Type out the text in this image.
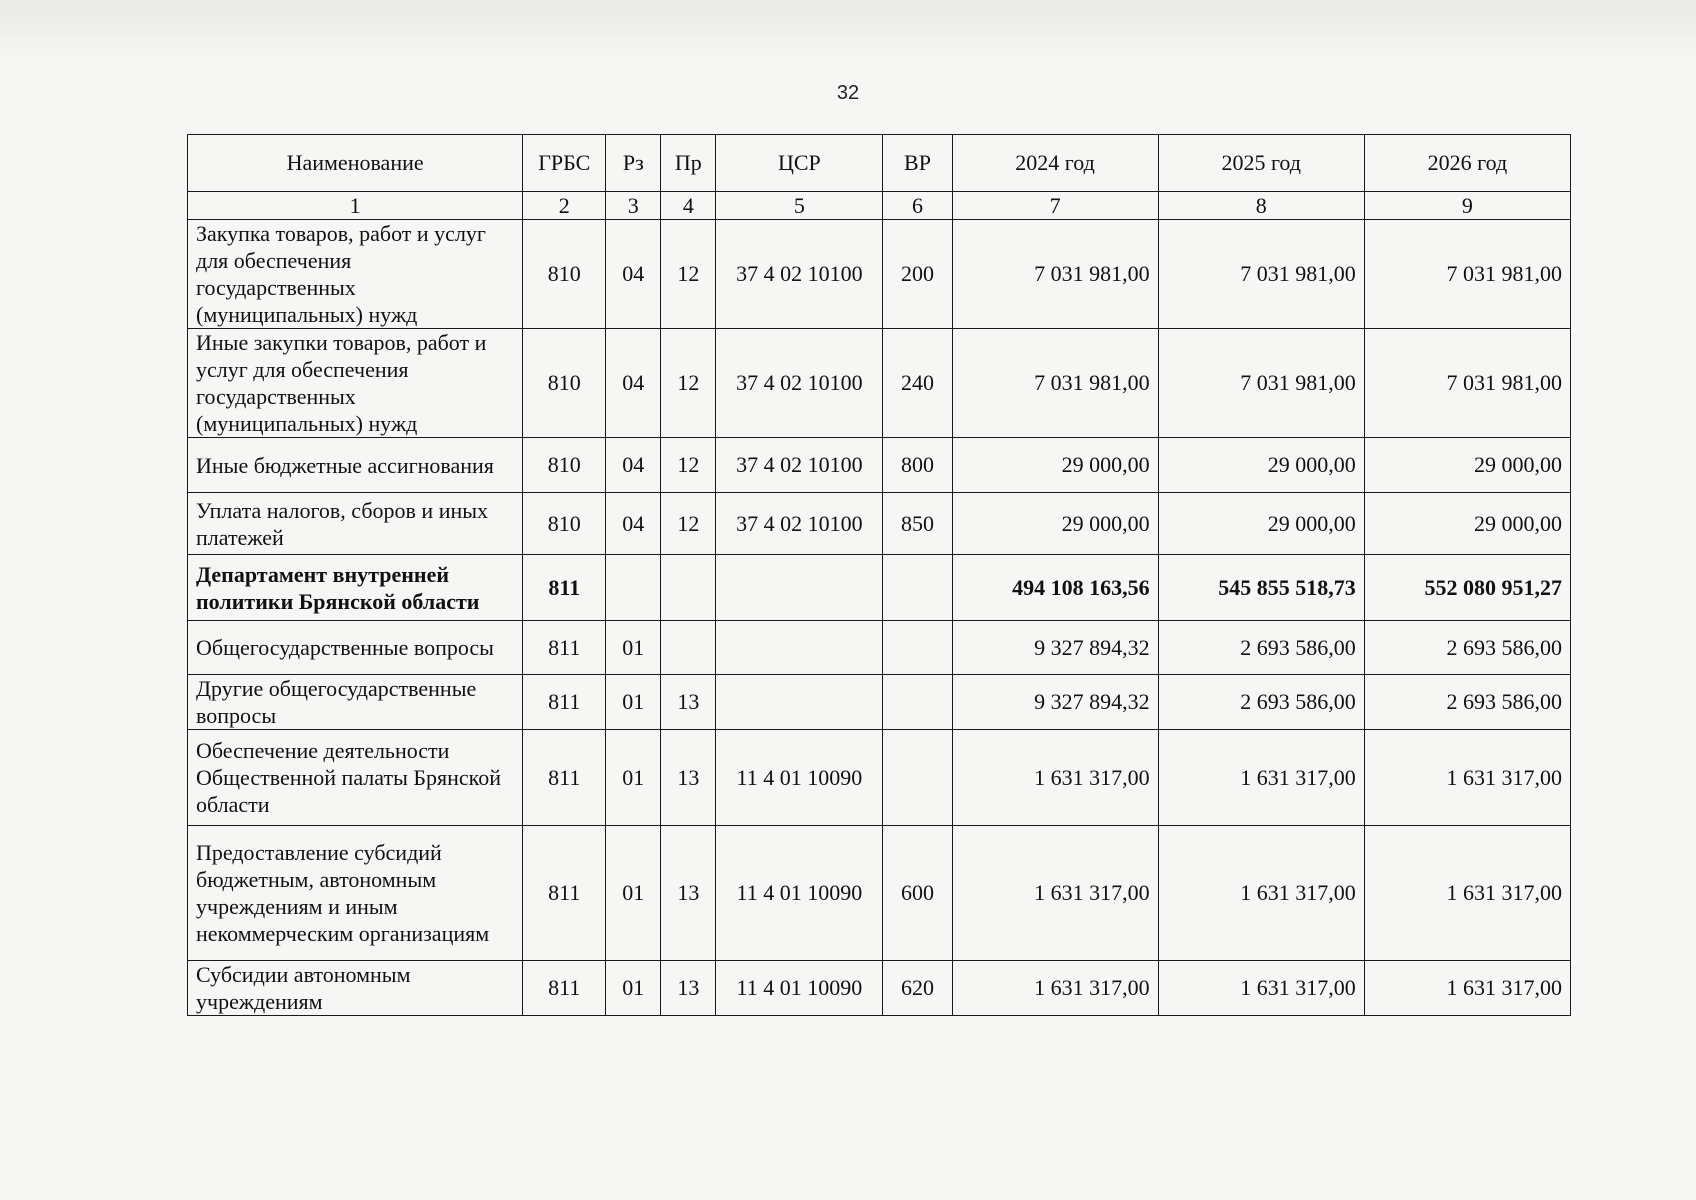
32
Наименование	ГРБС	Рз	Пр	ЦСР	ВР	2024 год	2025 год	2026 год
1	2	3	4	5	6	7	8	9
Закупка товаров, работ и услуг для обеспечения государственных (муниципальных) нужд	810	04	12	37 4 02 10100	200	7 031 981,00	7 031 981,00	7 031 981,00
Иные закупки товаров, работ и услуг для обеспечения государственных (муниципальных) нужд	810	04	12	37 4 02 10100	240	7 031 981,00	7 031 981,00	7 031 981,00
Иные бюджетные ассигнования	810	04	12	37 4 02 10100	800	29 000,00	29 000,00	29 000,00
Уплата налогов, сборов и иных платежей	810	04	12	37 4 02 10100	850	29 000,00	29 000,00	29 000,00
Департамент внутренней политики Брянской области	811					494 108 163,56	545 855 518,73	552 080 951,27
Общегосударственные вопросы	811	01				9 327 894,32	2 693 586,00	2 693 586,00
Другие общегосударственные вопросы	811	01	13			9 327 894,32	2 693 586,00	2 693 586,00
Обеспечение деятельности Общественной палаты Брянской области	811	01	13	11 4 01 10090		1 631 317,00	1 631 317,00	1 631 317,00
Предоставление субсидий бюджетным, автономным учреждениям и иным некоммерческим организациям	811	01	13	11 4 01 10090	600	1 631 317,00	1 631 317,00	1 631 317,00
Субсидии автономным учреждениям	811	01	13	11 4 01 10090	620	1 631 317,00	1 631 317,00	1 631 317,00
